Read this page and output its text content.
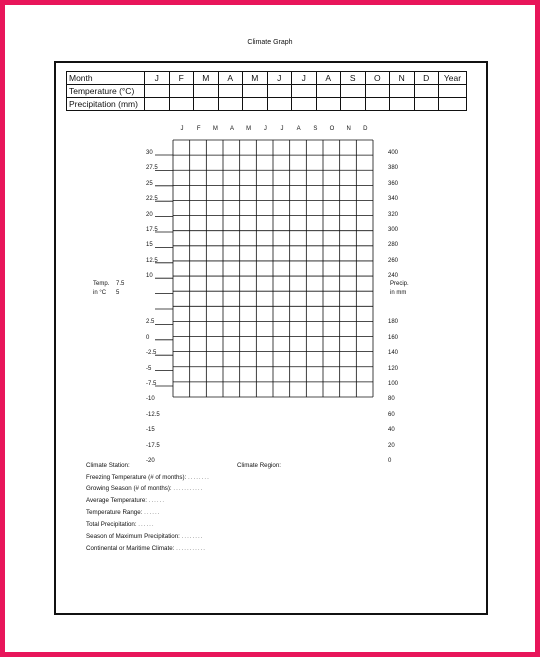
Climate Graph
Month	J	F	M	A	M	J	J	A	S	O	N	D	Year
Temperature (°C)													
Precipitation (mm)													
Temp.
in °C
Precip.
in mm
J	F	M	A	M	J	J	A	S	O	N	D
30
27.5
25
22.5
20
17.5
15
12.5
10
2.5
0
-2.5
-5
-7.5
-10
-12.5
-15
-17.5
-20
7.5
5
400
380
360
340
320
300
280
260
240
180
160
140
120
100
80
60
40
20
0
Climate Station:	Climate Region:
Freezing Temperature (# of months): ........
Growing Season (# of months): ...........
Average Temperature: ......
Temperature Range: ......
Total Precipitation: ......
Season of Maximum Precipitation: ........
Continental or Maritime Climate: ...........
